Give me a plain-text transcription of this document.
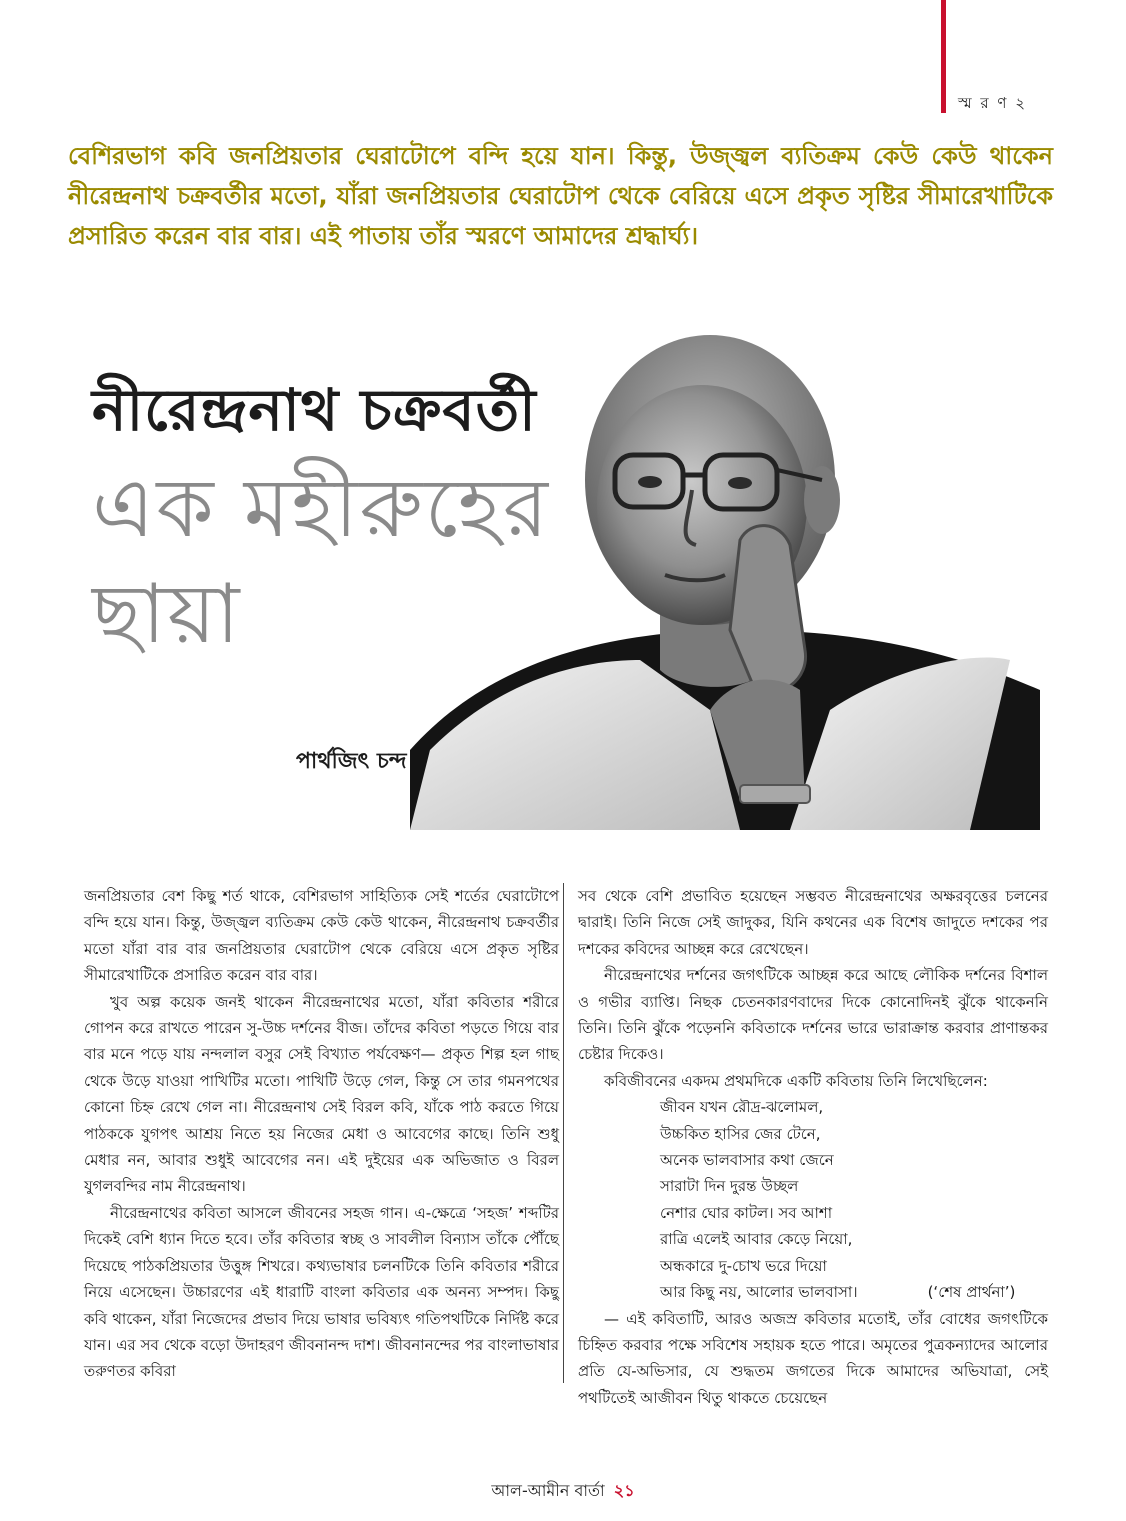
স্ম র ণ ২
বেশিরভাগ কবি জনপ্রিয়তার ঘেরাটোপে বন্দি হয়ে যান। কিন্তু, উজ্জ্বল ব্যতিক্রম কেউ কেউ থাকেন নীরেন্দ্রনাথ চক্রবর্তীর মতো, যাঁরা জনপ্রিয়তার ঘেরাটোপ থেকে বেরিয়ে এসে প্রকৃত সৃষ্টির সীমারেখাটিকে প্রসারিত করেন বার বার। এই পাতায় তাঁর স্মরণে আমাদের শ্রদ্ধার্ঘ্য।
নীরেন্দ্রনাথ চক্রবর্তী
এক মহীরুহের
ছায়া
পার্থজিৎ চন্দ

জনপ্রিয়তার বেশ কিছু শর্ত থাকে, বেশিরভাগ সাহিত্যিক সেই শর্তের ঘেরাটোপে বন্দি হয়ে যান। কিন্তু, উজ্জ্বল ব্যতিক্রম কেউ কেউ থাকেন, নীরেন্দ্রনাথ চক্রবর্তীর মতো যাঁরা বার বার জনপ্রিয়তার ঘেরাটোপ থেকে বেরিয়ে এসে প্রকৃত সৃষ্টির সীমারেখাটিকে প্রসারিত করেন বার বার।

খুব অল্প কয়েক জনই থাকেন নীরেন্দ্রনাথের মতো, যাঁরা কবিতার শরীরে গোপন করে রাখতে পারেন সু-উচ্চ দর্শনের বীজ। তাঁদের কবিতা পড়তে গিয়ে বার বার মনে পড়ে যায় নন্দলাল বসুর সেই বিখ্যাত পর্যবেক্ষণ— প্রকৃত শিল্প হল গাছ থেকে উড়ে যাওয়া পাখিটির মতো। পাখিটি উড়ে গেল, কিন্তু সে তার গমনপথের কোনো চিহ্ন রেখে গেল না। নীরেন্দ্রনাথ সেই বিরল কবি, যাঁকে পাঠ করতে গিয়ে পাঠককে যুগপৎ আশ্রয় নিতে হয় নিজের মেধা ও আবেগের কাছে। তিনি শুধু মেধার নন, আবার শুধুই আবেগের নন। এই দুইয়ের এক অভিজাত ও বিরল যুগলবন্দির নাম নীরেন্দ্রনাথ।

নীরেন্দ্রনাথের কবিতা আসলে জীবনের সহজ গান। এ-ক্ষেত্রে ‘সহজ’ শব্দটির দিকেই বেশি ধ্যান দিতে হবে। তাঁর কবিতার স্বচ্ছ ও সাবলীল বিন্যাস তাঁকে পৌঁছে দিয়েছে পাঠকপ্রিয়তার উত্তুঙ্গ শিখরে। কথ্যভাষার চলনটিকে তিনি কবিতার শরীরে নিয়ে এসেছেন। উচ্চারণের এই ধারাটি বাংলা কবিতার এক অনন্য সম্পদ। কিছু কবি থাকেন, যাঁরা নিজেদের প্রভাব দিয়ে ভাষার ভবিষ্যৎ গতিপথটিকে নির্দিষ্ট করে যান। এর সব থেকে বড়ো উদাহরণ জীবনানন্দ দাশ। জীবনানন্দের পর বাংলাভাষার তরুণতর কবিরা

সব থেকে বেশি প্রভাবিত হয়েছেন সম্ভবত নীরেন্দ্রনাথের অক্ষরবৃত্তের চলনের দ্বারাই। তিনি নিজে সেই জাদুকর, যিনি কথনের এক বিশেষ জাদুতে দশকের পর দশকের কবিদের আচ্ছন্ন করে রেখেছেন।

নীরেন্দ্রনাথের দর্শনের জগৎটিকে আচ্ছন্ন করে আছে লৌকিক দর্শনের বিশাল ও গভীর ব্যাপ্তি। নিছক চেতনকারণবাদের দিকে কোনোদিনই ঝুঁকে থাকেননি তিনি। তিনি ঝুঁকে পড়েননি কবিতাকে দর্শনের ভারে ভারাক্রান্ত করবার প্রাণান্তকর চেষ্টার দিকেও।

কবিজীবনের একদম প্রথমদিকে একটি কবিতায় তিনি লিখেছিলেন:

জীবন যখন রৌদ্র-ঝলোমল,
উচ্চকিত হাসির জের টেনে,
অনেক ভালবাসার কথা জেনে
সারাটা দিন দুরন্ত উচ্ছল
নেশার ঘোর কাটল। সব আশা
রাত্রি এলেই আবার কেড়ে নিয়ো,
অন্ধকারে দু-চোখ ভরে দিয়ো
আর কিছু নয়, আলোর ভালবাসা।	(‘শেষ প্রার্থনা’)

— এই কবিতাটি, আরও অজস্র কবিতার মতোই, তাঁর বোধের জগৎটিকে চিহ্নিত করবার পক্ষে সবিশেষ সহায়ক হতে পারে। অমৃতের পুত্রকন্যাদের আলোর প্রতি যে-অভিসার, যে শুদ্ধতম জগতের দিকে আমাদের অভিযাত্রা, সেই পথটিতেই আজীবন থিতু থাকতে চেয়েছেন

আল-আমীন বার্তা ২১
